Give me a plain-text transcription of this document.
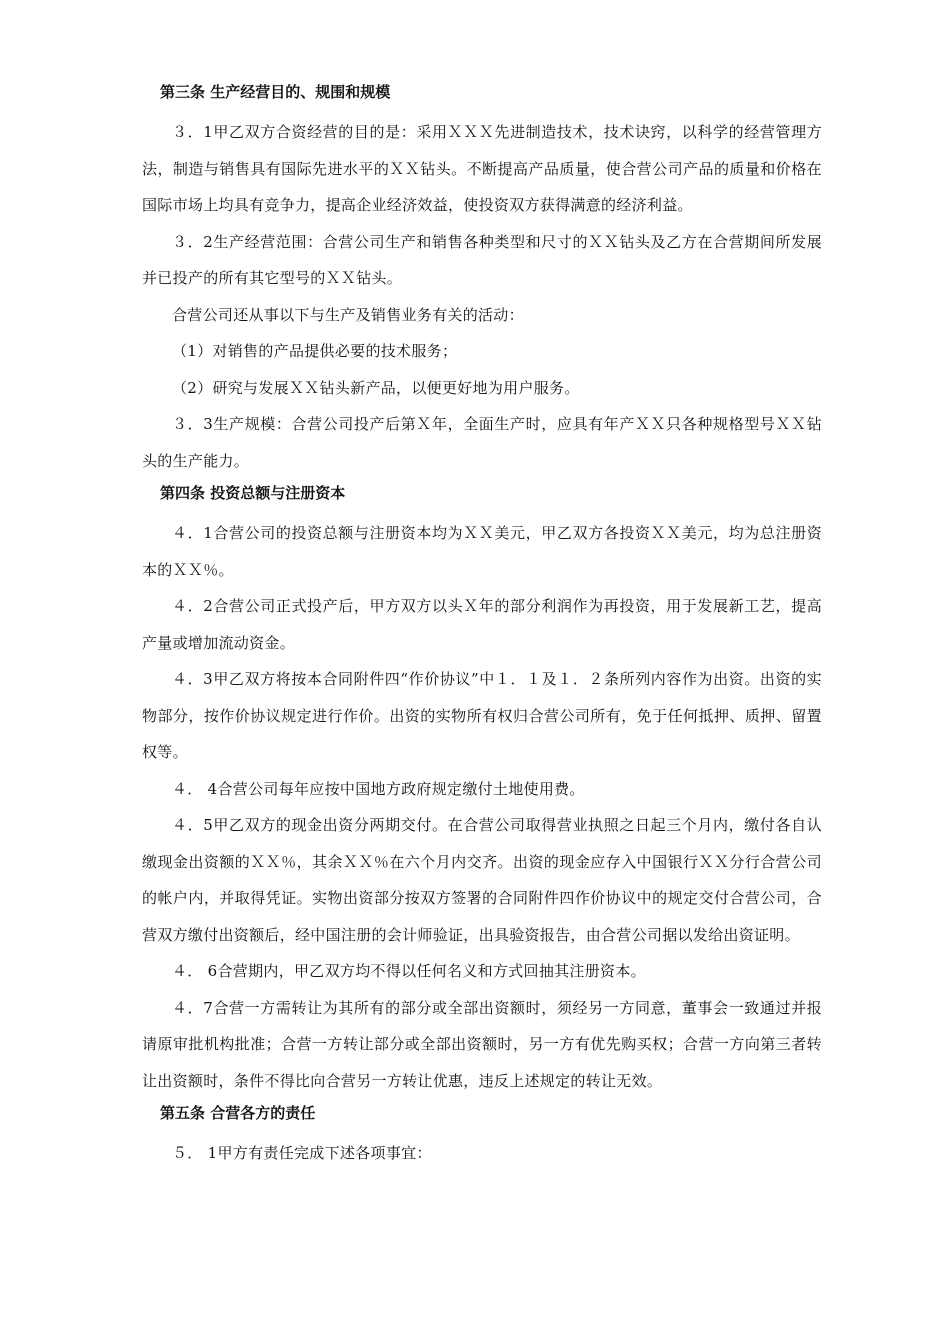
第三条 生产经营目的、规围和规模

３．1甲乙双方合资经营的目的是：采用ＸＸＸ先进制造技术，技术诀窍，以科学的经营管理方法，制造与销售具有国际先进水平的ＸＸ钻头。不断提高产品质量，使合营公司产品的质量和价格在国际市场上均具有竞争力，提高企业经济效益，使投资双方获得满意的经济利益。

３．2生产经营范围：合营公司生产和销售各种类型和尺寸的ＸＸ钻头及乙方在合营期间所发展并已投产的所有其它型号的ＸＸ钻头。

合营公司还从事以下与生产及销售业务有关的活动：

（1）对销售的产品提供必要的技术服务；

（2）研究与发展ＸＸ钻头新产品，以便更好地为用户服务。

３．3生产规模：合营公司投产后第Ｘ年，全面生产时，应具有年产ＸＸ只各种规格型号ＸＸ钻头的生产能力。

第四条 投资总额与注册资本

４．1合营公司的投资总额与注册资本均为ＸＸ美元，甲乙双方各投资ＸＸ美元，均为总注册资本的ＸＸ％。

４．2合营公司正式投产后，甲方双方以头Ｘ年的部分利润作为再投资，用于发展新工艺，提高产量或增加流动资金。

４．3甲乙双方将按本合同附件四“作价协议”中１．１及１．２条所列内容作为出资。出资的实物部分，按作价协议规定进行作价。出资的实物所有权归合营公司所有，免于任何抵押、质押、留置权等。

４． 4合营公司每年应按中国地方政府规定缴付土地使用费。

４．5甲乙双方的现金出资分两期交付。在合营公司取得营业执照之日起三个月内，缴付各自认缴现金出资额的ＸＸ％，其余ＸＸ％在六个月内交齐。出资的现金应存入中国银行ＸＸ分行合营公司的帐户内，并取得凭证。实物出资部分按双方签署的合同附件四作价协议中的规定交付合营公司，合营双方缴付出资额后，经中国注册的会计师验证，出具验资报告，由合营公司据以发给出资证明。

４． 6合营期内，甲乙双方均不得以任何名义和方式回抽其注册资本。

４．7合营一方需转让为其所有的部分或全部出资额时，须经另一方同意，董事会一致通过并报请原审批机构批准；合营一方转让部分或全部出资额时，另一方有优先购买权；合营一方向第三者转让出资额时，条件不得比向合营另一方转让优惠，违反上述规定的转让无效。

第五条 合营各方的责任

５． 1甲方有责任完成下述各项事宜：
